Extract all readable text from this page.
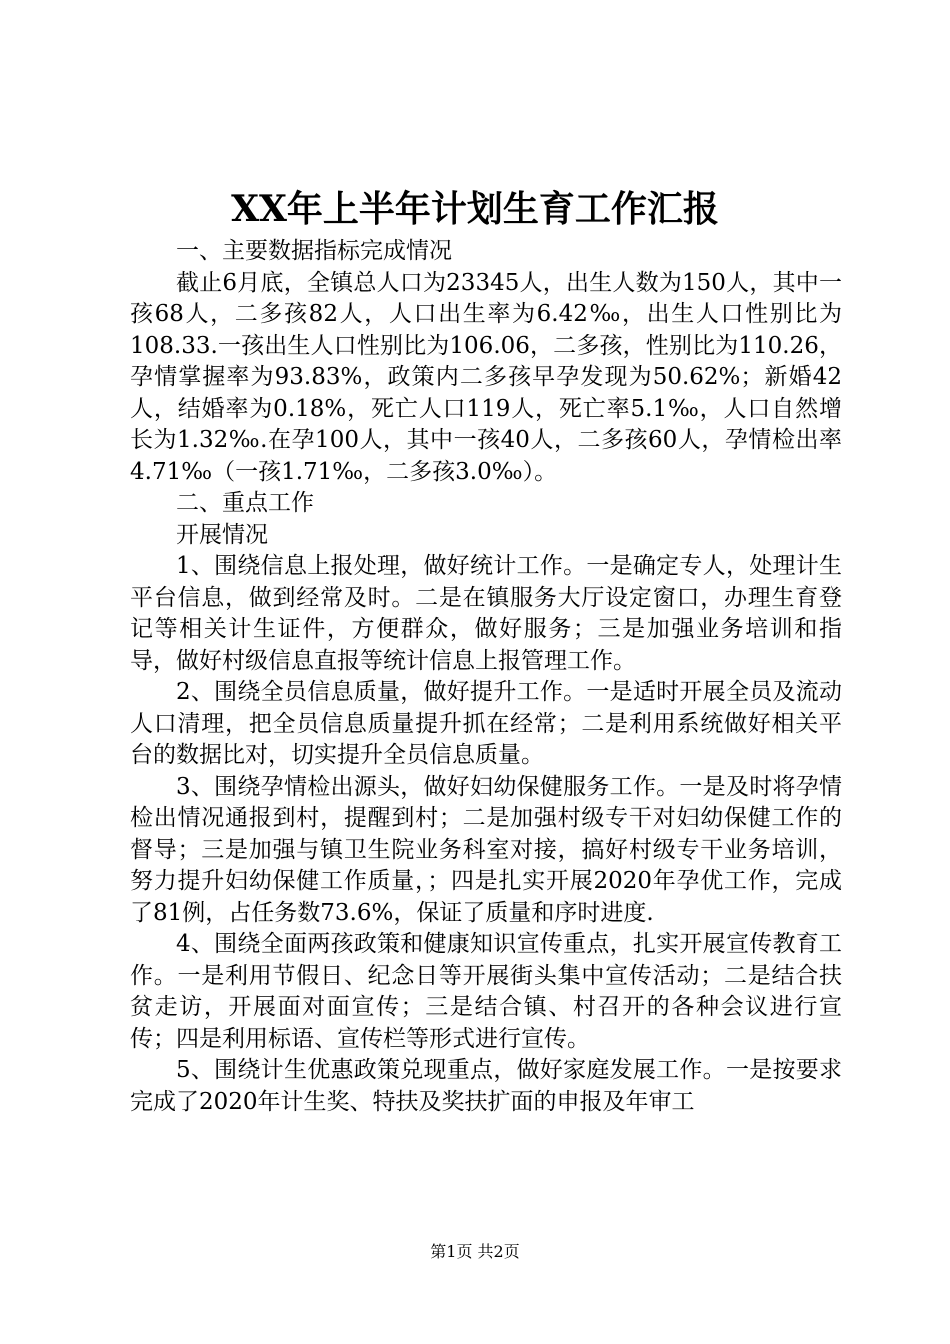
XX年上半年计划生育工作汇报

一、主要数据指标完成情况

截止6月底，全镇总人口为23345人，出生人数为150人，其中一孩68人，二多孩82人，人口出生率为6.42‰，出生人口性别比为108.33.一孩出生人口性别比为106.06，二多孩，性别比为110.26，孕情掌握率为93.83%，政策内二多孩早孕发现为50.62%；新婚42人，结婚率为0.18%，死亡人口119人，死亡率5.1‰，人口自然增长为1.32‰.在孕100人，其中一孩40人，二多孩60人，孕情检出率4.71‰（一孩1.71‰，二多孩3.0‰）。

二、重点工作

开展情况

1、围绕信息上报处理，做好统计工作。一是确定专人，处理计生平台信息，做到经常及时。二是在镇服务大厅设定窗口，办理生育登记等相关计生证件，方便群众，做好服务；三是加强业务培训和指导，做好村级信息直报等统计信息上报管理工作。

2、围绕全员信息质量，做好提升工作。一是适时开展全员及流动人口清理，把全员信息质量提升抓在经常；二是利用系统做好相关平台的数据比对，切实提升全员信息质量。

3、围绕孕情检出源头，做好妇幼保健服务工作。一是及时将孕情检出情况通报到村，提醒到村；二是加强村级专干对妇幼保健工作的督导；三是加强与镇卫生院业务科室对接，搞好村级专干业务培训，努力提升妇幼保健工作质量，；四是扎实开展2020年孕优工作，完成了81例，占任务数73.6%，保证了质量和序时进度.

4、围绕全面两孩政策和健康知识宣传重点，扎实开展宣传教育工作。一是利用节假日、纪念日等开展街头集中宣传活动；二是结合扶贫走访，开展面对面宣传；三是结合镇、村召开的各种会议进行宣传；四是利用标语、宣传栏等形式进行宣传。

5、围绕计生优惠政策兑现重点，做好家庭发展工作。一是按要求完成了2020年计生奖、特扶及奖扶扩面的申报及年审工

第1页 共2页
